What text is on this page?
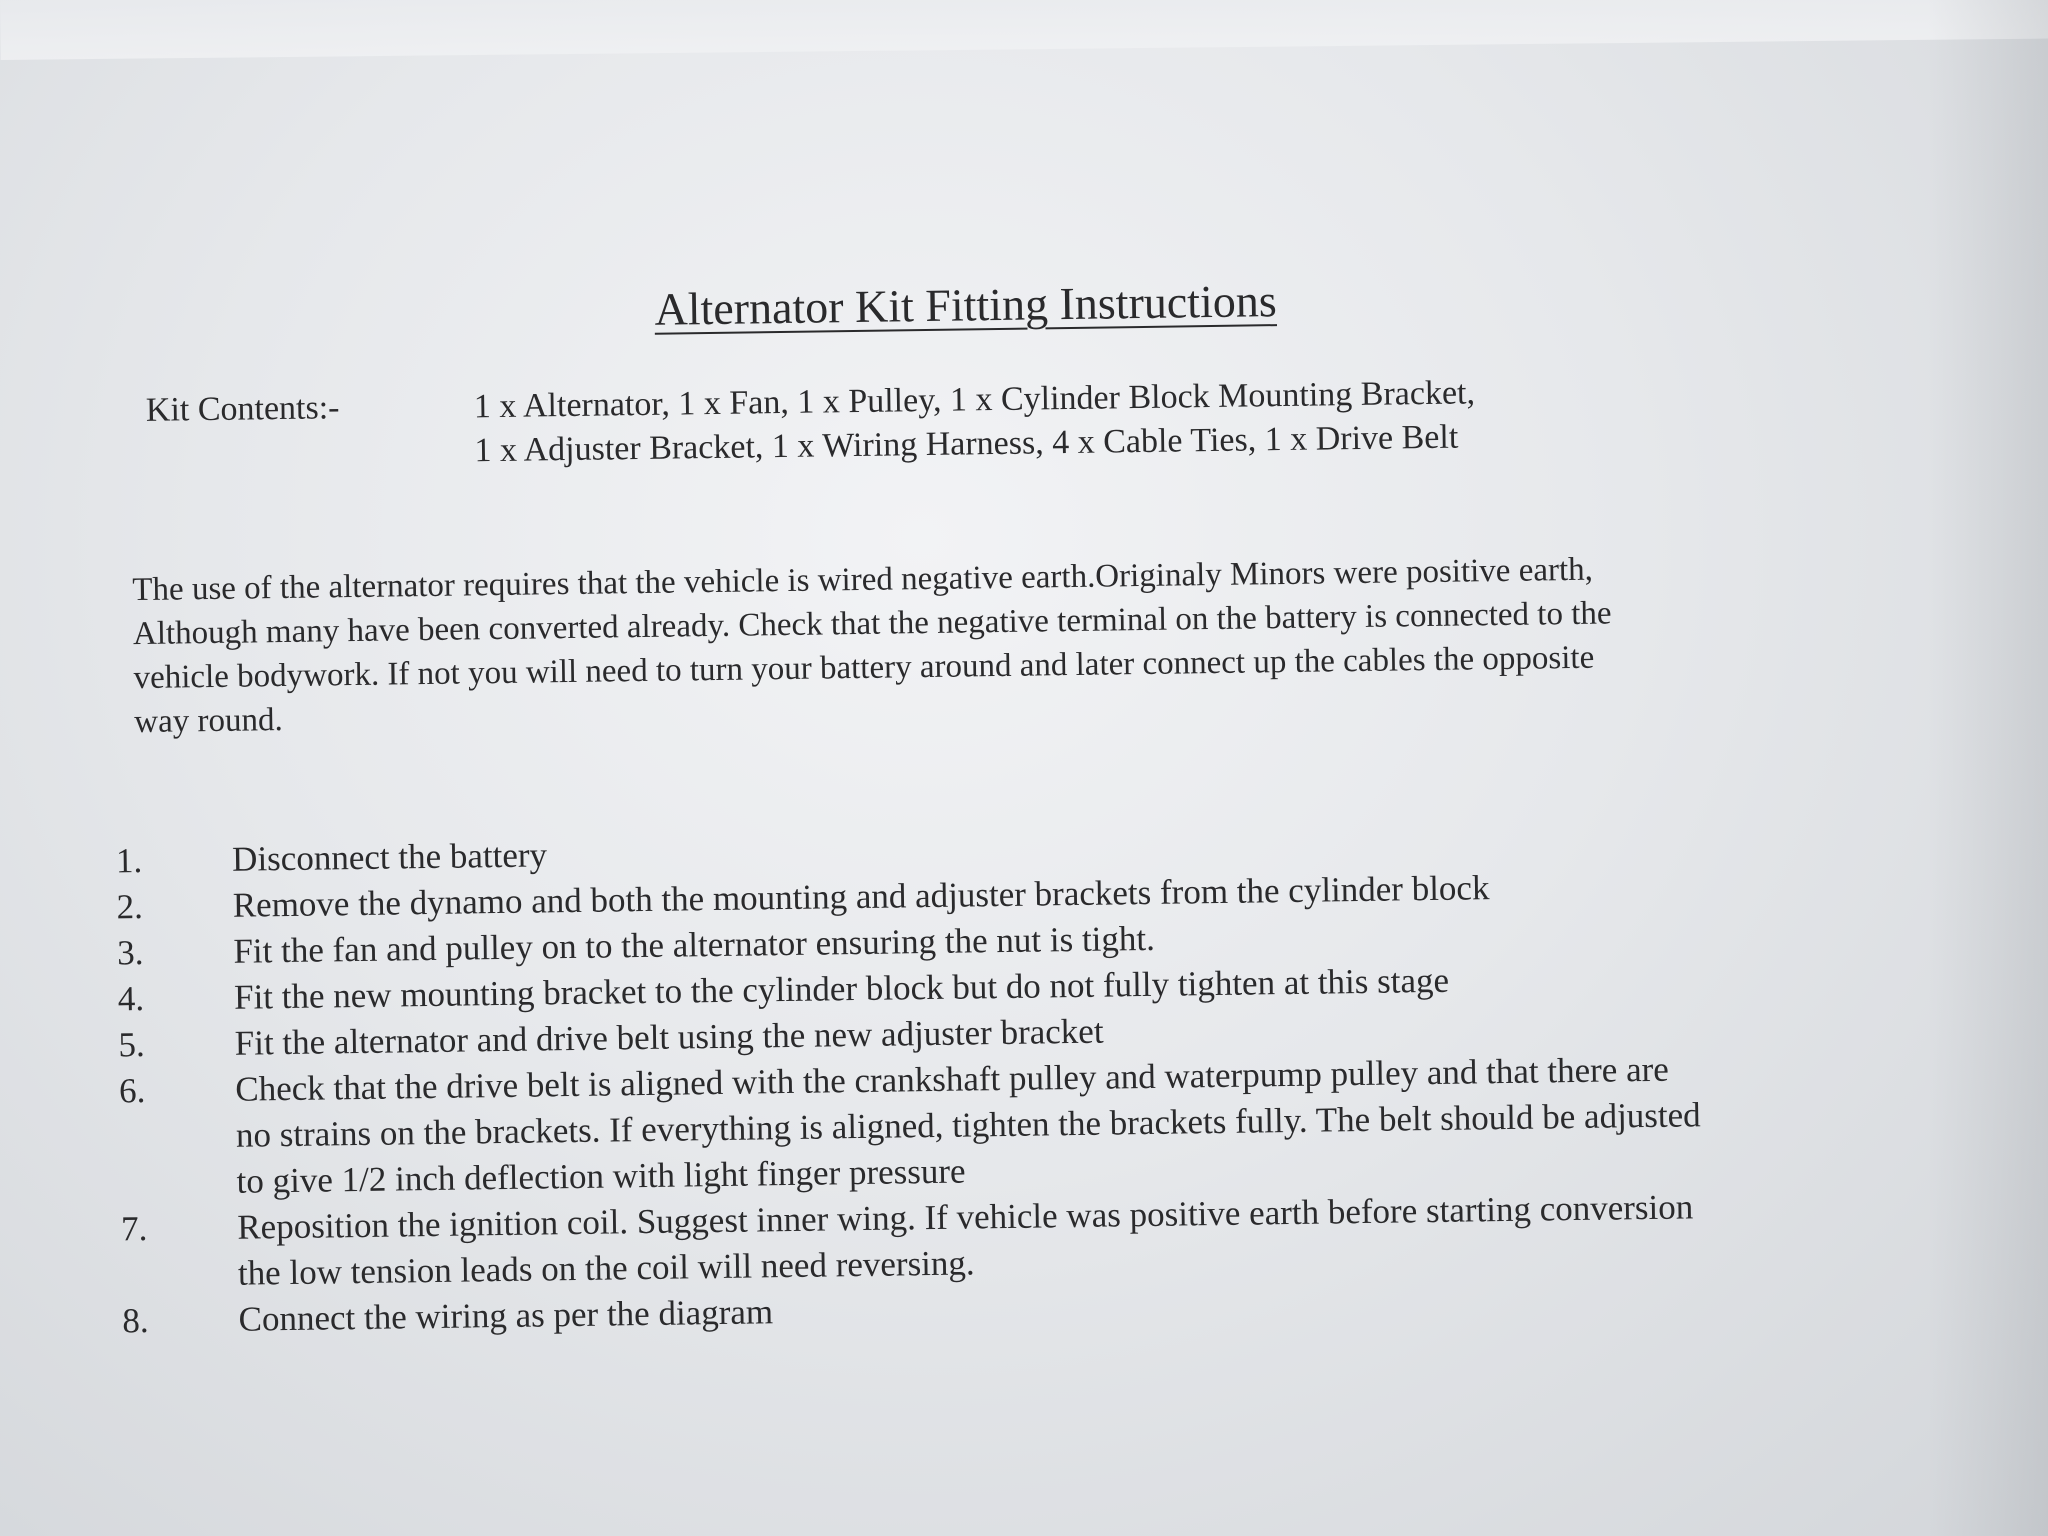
Alternator Kit Fitting Instructions
Kit Contents:-	1 x Alternator, 1 x Fan, 1 x Pulley, 1 x Cylinder Block Mounting Bracket,
1 x Adjuster Bracket, 1 x Wiring Harness, 4 x Cable Ties, 1 x Drive Belt
The use of the alternator requires that the vehicle is wired negative earth.Originaly Minors were positive earth,
Although many have been converted already. Check that the negative terminal on the battery is connected to the
vehicle bodywork. If not you will need to turn your battery around and later connect up the cables the opposite
way round.
1.	Disconnect the battery
2.	Remove the dynamo and both the mounting and adjuster brackets from the cylinder block
3.	Fit the fan and pulley on to the alternator ensuring the nut is tight.
4.	Fit the new mounting bracket to the cylinder block but do not fully tighten at this stage
5.	Fit the alternator and drive belt using the new adjuster bracket
6.	Check that the drive belt is aligned with the crankshaft pulley and waterpump pulley and that there are
no strains on the brackets. If everything is aligned, tighten the brackets fully. The belt should be adjusted
to give 1/2 inch deflection with light finger pressure
7.	Reposition the ignition coil. Suggest inner wing. If vehicle was positive earth before starting conversion
the low tension leads on the coil will need reversing.
8.	Connect the wiring as per the diagram
